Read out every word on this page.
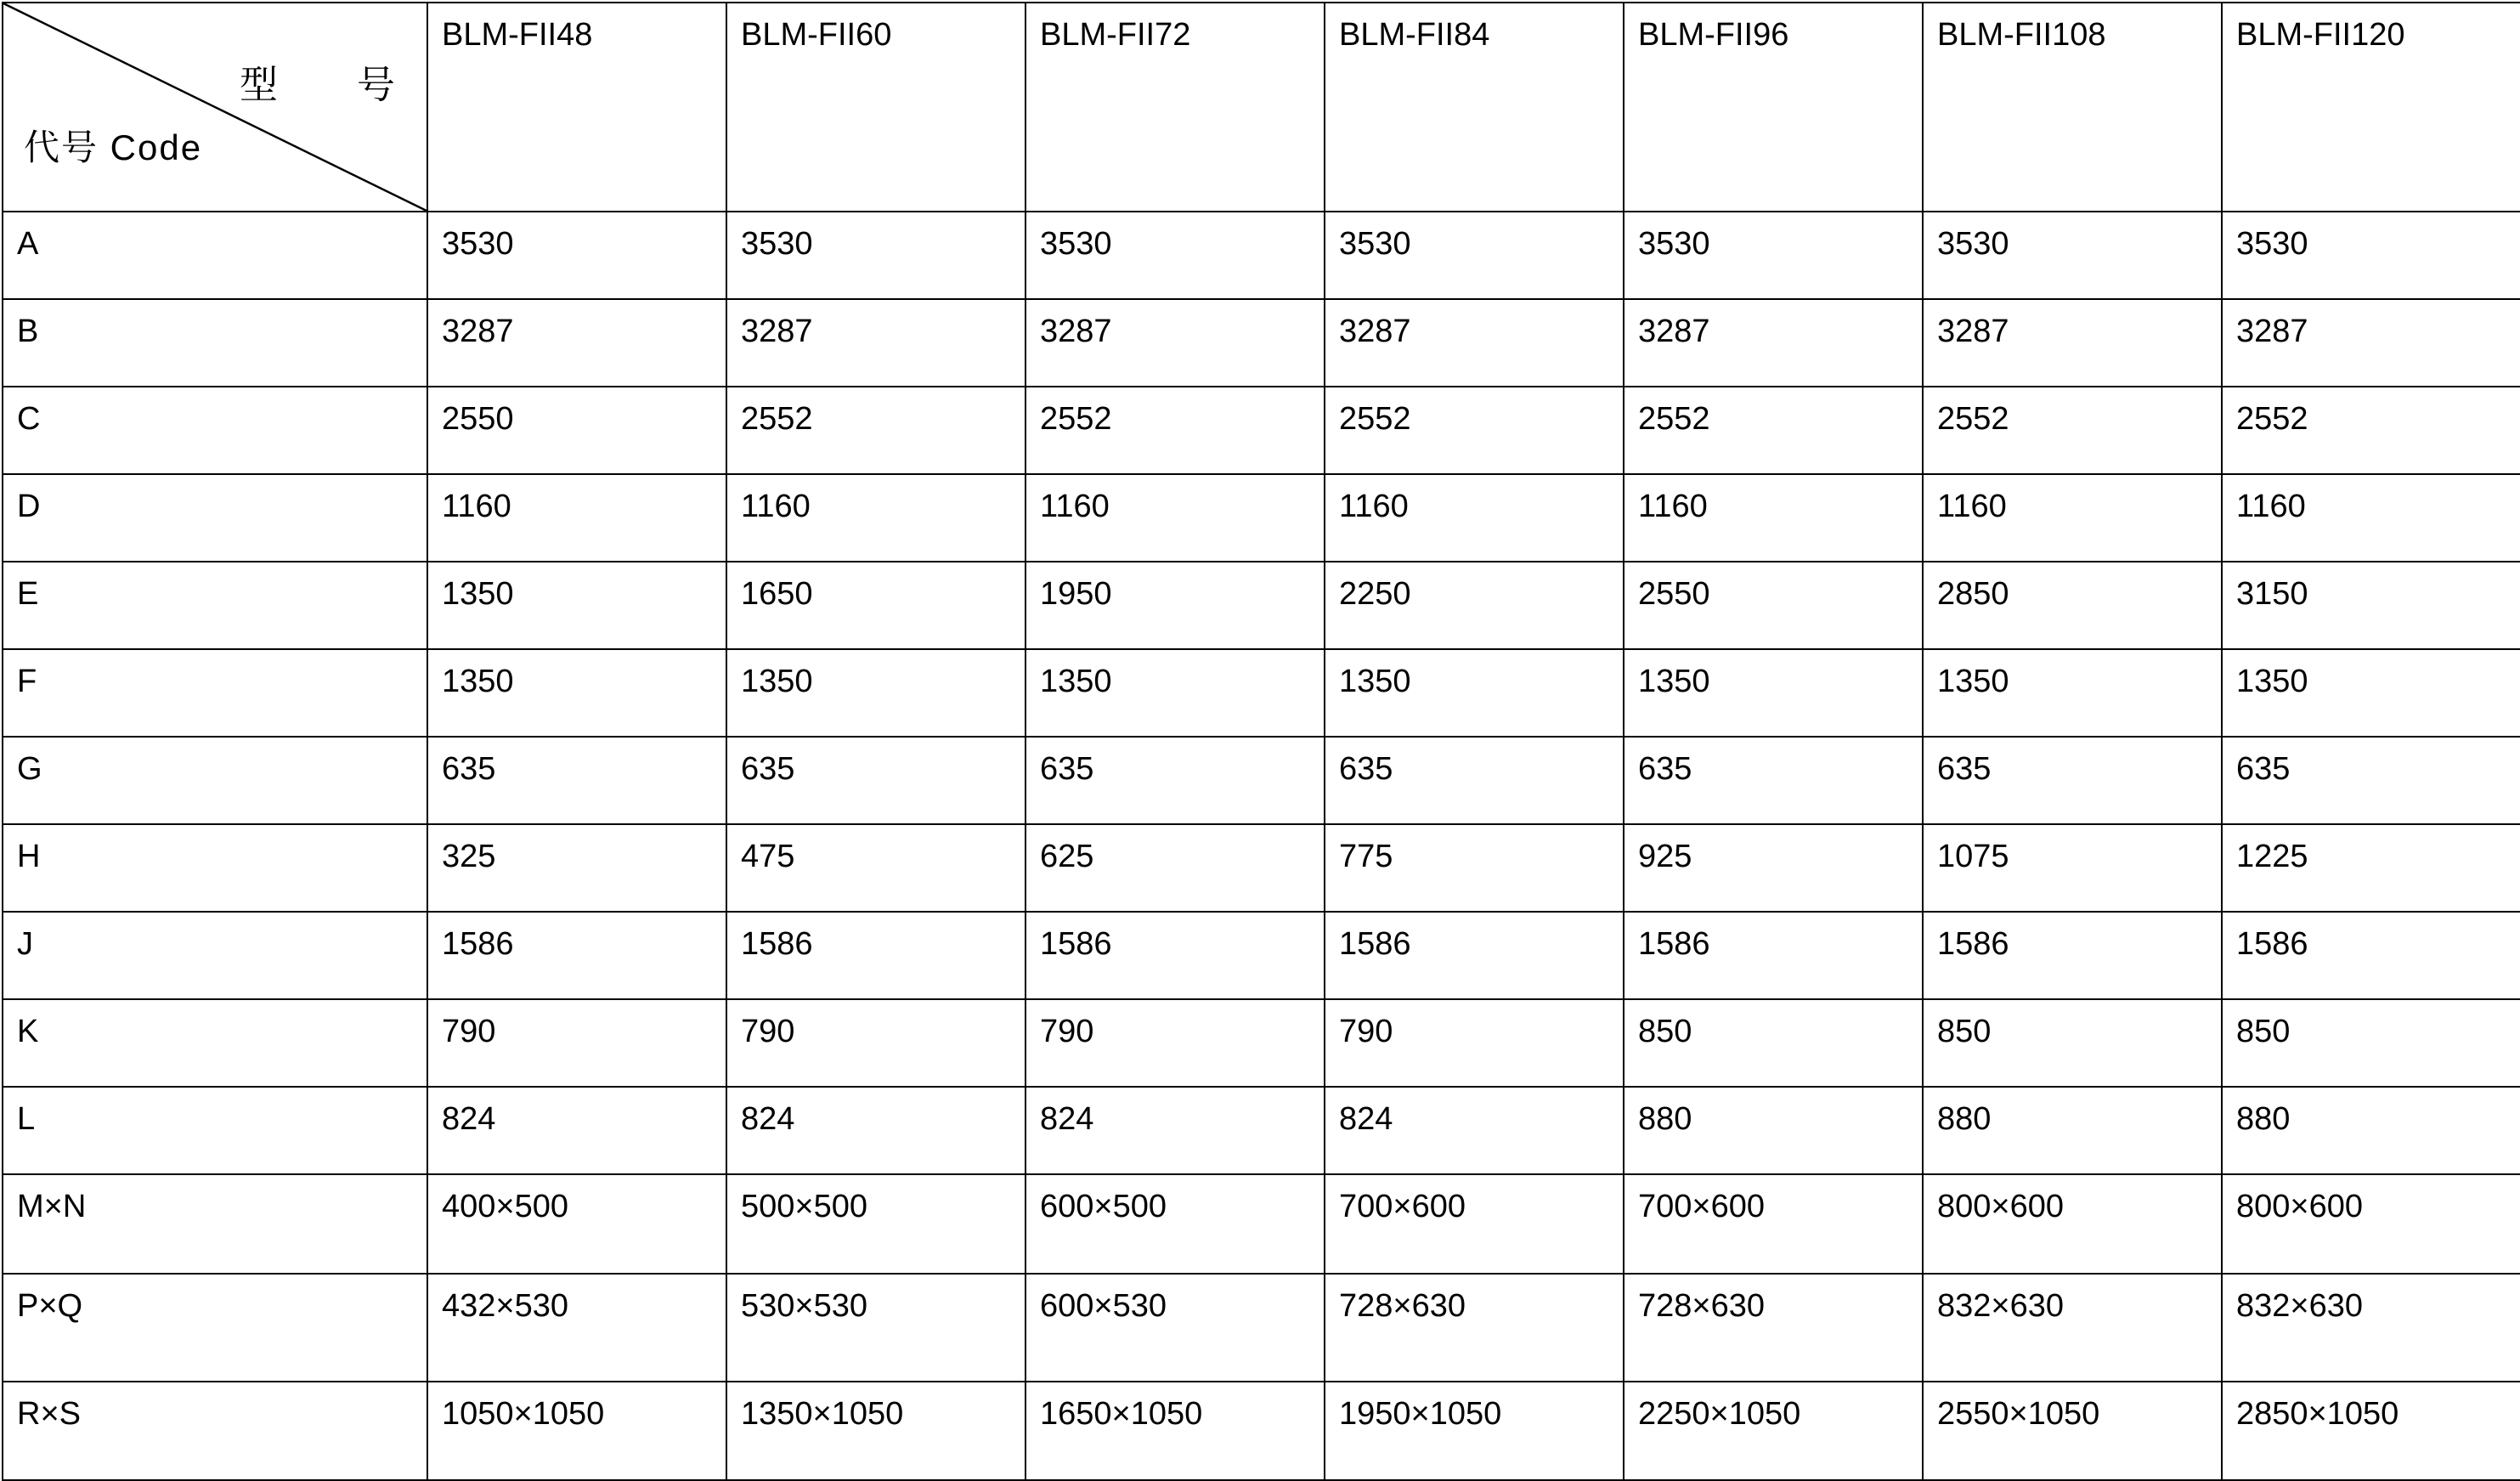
型　号
代号 Code	BLM-FII48	BLM-FII60	BLM-FII72	BLM-FII84	BLM-FII96	BLM-FII108	BLM-FII120
A	3530	3530	3530	3530	3530	3530	3530
B	3287	3287	3287	3287	3287	3287	3287
C	2550	2552	2552	2552	2552	2552	2552
D	1160	1160	1160	1160	1160	1160	1160
E	1350	1650	1950	2250	2550	2850	3150
F	1350	1350	1350	1350	1350	1350	1350
G	635	635	635	635	635	635	635
H	325	475	625	775	925	1075	1225
J	1586	1586	1586	1586	1586	1586	1586
K	790	790	790	790	850	850	850
L	824	824	824	824	880	880	880
M×N	400×500	500×500	600×500	700×600	700×600	800×600	800×600
P×Q	432×530	530×530	600×530	728×630	728×630	832×630	832×630
R×S	1050×1050	1350×1050	1650×1050	1950×1050	2250×1050	2550×1050	2850×1050
